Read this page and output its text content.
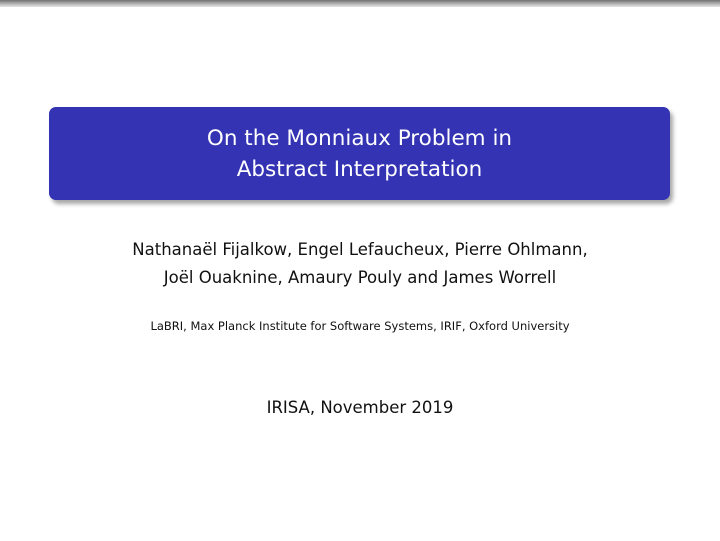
On the Monniaux Problem in
Abstract Interpretation
Nathanaël Fijalkow, Engel Lefaucheux, Pierre Ohlmann,
Joël Ouaknine, Amaury Pouly and James Worrell
LaBRI, Max Planck Institute for Software Systems, IRIF, Oxford University
IRISA, November 2019
